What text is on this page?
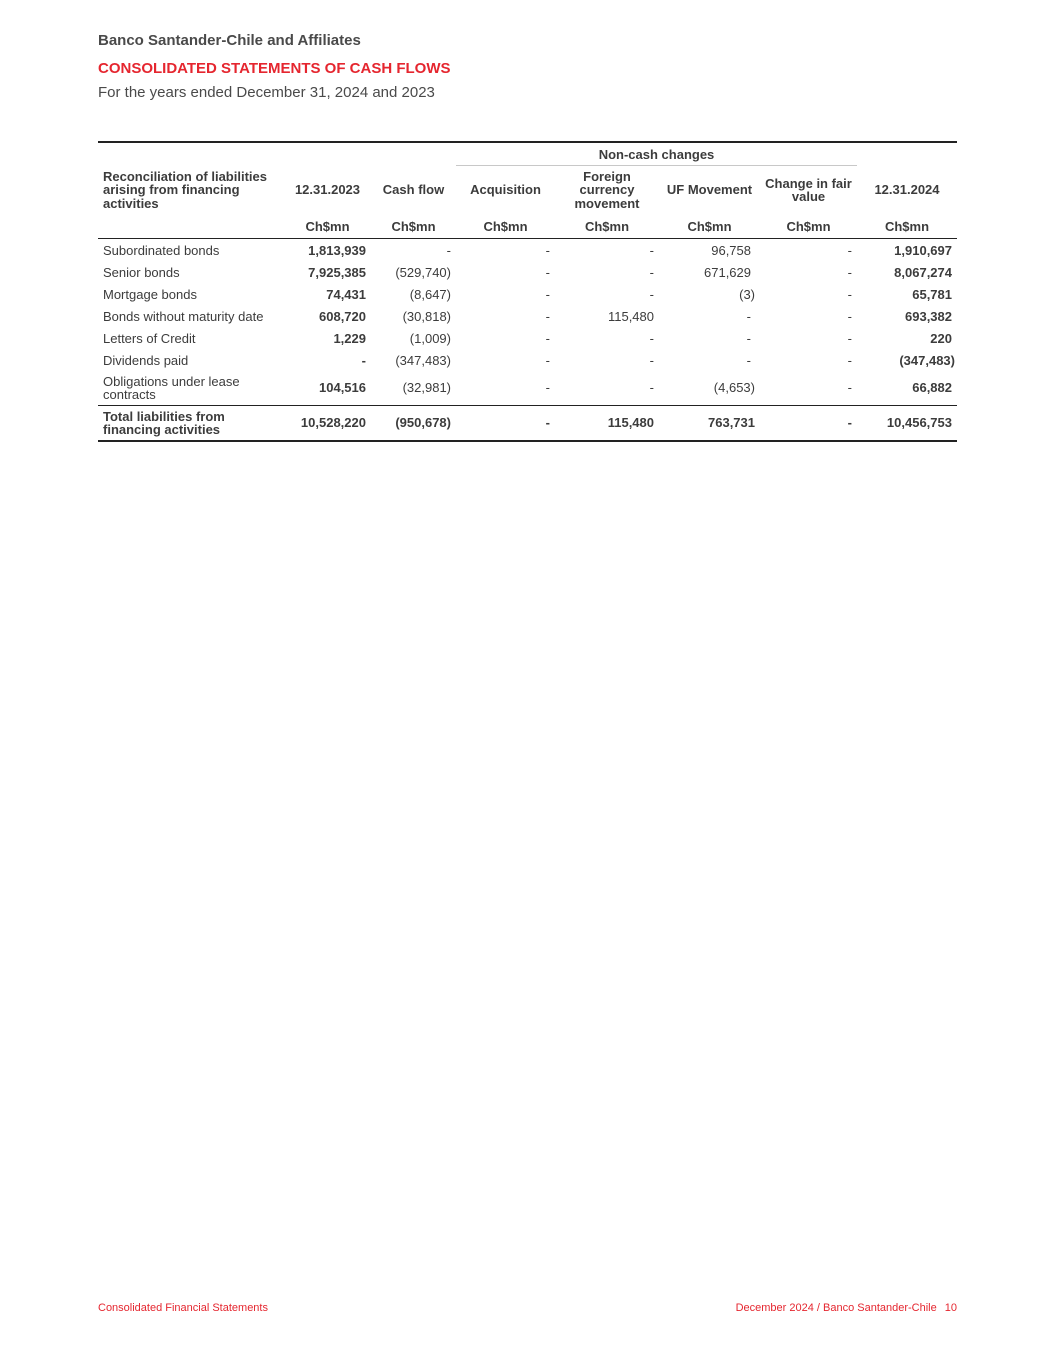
Banco Santander-Chile and Affiliates
CONSOLIDATED STATEMENTS OF CASH FLOWS
For the years ended December 31, 2024 and 2023
			Non-cash changes				
Reconciliation of liabilities arising from financing activities	12.31.2023	Cash flow	Acquisition	Foreign currency movement	UF Movement	Change in fair value	12.31.2024
	Ch$mn	Ch$mn	Ch$mn	Ch$mn	Ch$mn	Ch$mn	Ch$mn
Subordinated bonds	1,813,939	-	-	-	96,758	-	1,910,697
Senior bonds	7,925,385	(529,740)	-	-	671,629	-	8,067,274
Mortgage bonds	74,431	(8,647)	-	-	(3)	-	65,781
Bonds without maturity date	608,720	(30,818)	-	115,480	-	-	693,382
Letters of Credit	1,229	(1,009)	-	-	-	-	220
Dividends paid	-	(347,483)	-	-	-	-	(347,483)
Obligations under lease contracts	104,516	(32,981)	-	-	(4,653)	-	66,882
Total liabilities from financing activities	10,528,220	(950,678)	-	115,480	763,731	-	10,456,753
Consolidated Financial Statements	December 2024 / Banco Santander-Chile 10
